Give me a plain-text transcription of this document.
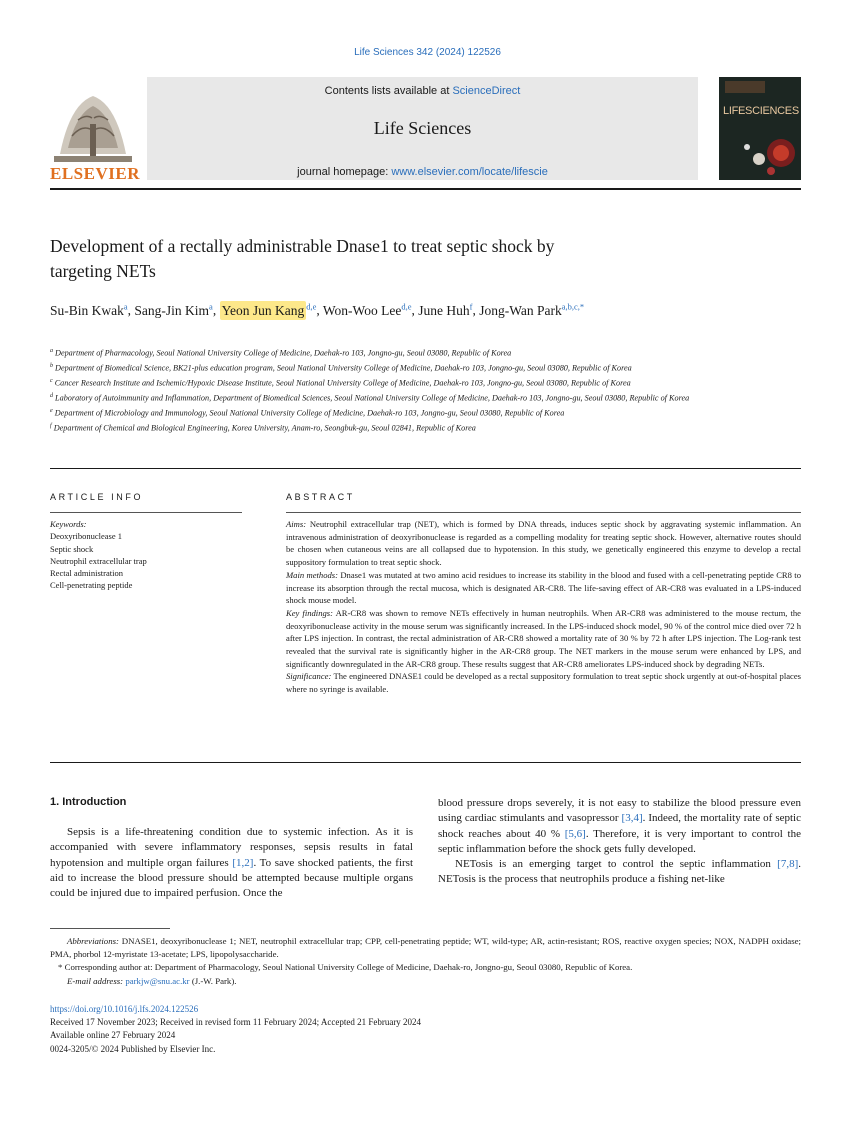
Life Sciences 342 (2024) 122526
ELSEVIER
Contents lists available at ScienceDirect
Life Sciences
journal homepage: www.elsevier.com/locate/lifescie
LIFESCIENCES
Development of a rectally administrable Dnase1 to treat septic shock by
targeting NETs
Su-Bin Kwak$^a$, Sang-Jin Kim$^a$, Yeon Jun Kang $^{d,e}$, Won-Woo Lee$^{d,e}$, June Huh$^f$, Jong-Wan Park$^{a,b,c,*}$
$^a$ Department of Pharmacology, Seoul National University College of Medicine, Daehak-ro 103, Jongno-gu, Seoul 03080, Republic of Korea
$^b$ Department of Biomedical Science, BK21-plus education program, Seoul National University College of Medicine, Daehak-ro 103, Jongno-gu, Seoul 03080, Republic of Korea
$^c$ Cancer Research Institute and Ischemic/Hypoxic Disease Institute, Seoul National University College of Medicine, Daehak-ro 103, Jongno-gu, Seoul 03080, Republic of Korea
$^d$ Laboratory of Autoimmunity and Inflammation, Department of Biomedical Sciences, Seoul National University College of Medicine, Daehak-ro 103, Jongno-gu, Seoul 03080, Republic of Korea
$^e$ Department of Microbiology and Immunology, Seoul National University College of Medicine, Daehak-ro 103, Jongno-gu, Seoul 03080, Republic of Korea
$^f$ Department of Chemical and Biological Engineering, Korea University, Anam-ro, Seongbuk-gu, Seoul 02841, Republic of Korea
ARTICLE INFO	ABSTRACT
Keywords:
Deoxyribonuclease 1
Septic shock
Neutrophil extracellular trap
Rectal administration
Cell-penetrating peptide

Aims: Neutrophil extracellular trap (NET), which is formed by DNA threads, induces septic shock by aggravating systemic inflammation. An intravenous administration of deoxyribonuclease is regarded as a compelling modality for treating septic shock. However, alternative routes should be chosen when cutaneous veins are all collapsed due to hypotension. In this study, we genetically engineered this enzyme to develop a rectal suppository formulation to treat septic shock.

Main methods: Dnase1 was mutated at two amino acid residues to increase its stability in the blood and fused with a cell-penetrating peptide CR8 to increase its absorption through the rectal mucosa, which is designated AR-CR8. The life-saving effect of AR-CR8 was evaluated in a LPS-induced shock mouse model.

Key findings: AR-CR8 was shown to remove NETs effectively in human neutrophils. When AR-CR8 was administered to the mouse rectum, the deoxyribonuclease activity in the mouse serum was significantly increased. In the LPS-induced shock model, 90 % of the control mice died over 72 h after LPS injection. In contrast, the rectal administration of AR-CR8 showed a mortality rate of 30 % by 72 h after LPS injection. The Log-rank test revealed that the survival rate is significantly higher in the AR-CR8 group. The NET markers in the mouse serum were enhanced by LPS, and significantly downregulated in the AR-CR8 group. These results suggest that AR-CR8 ameliorates LPS-induced shock by degrading NETs.

Significance: The engineered DNASE1 could be developed as a rectal suppository formulation to treat septic shock urgently at out-of-hospital places where no syringe is available.

1. Introduction

Sepsis is a life-threatening condition due to systemic infection. As it is accompanied with severe inflammatory responses, sepsis results in fatal hypotension and multiple organ failures [1,2]. To save shocked patients, the first aid to increase the blood pressure should be attempted because multiple organs could be injured due to impaired perfusion. Once the

blood pressure drops severely, it is not easy to stabilize the blood pressure even using cardiac stimulants and vasopressor [3,4]. Indeed, the mortality rate of septic shock reaches about 40 % [5,6]. Therefore, it is very important to control the septic inflammation before the shock gets fully developed.

NETosis is an emerging target to control the septic inflammation [7,8]. NETosis is the process that neutrophils produce a fishing net-like

Abbreviations: DNASE1, deoxyribonuclease 1; NET, neutrophil extracellular trap; CPP, cell-penetrating peptide; WT, wild-type; AR, actin-resistant; ROS, reactive oxygen species; NOX, NADPH oxidase; PMA, phorbol 12-myristate 13-acetate; LPS, lipopolysaccharide.

* Corresponding author at: Department of Pharmacology, Seoul National University College of Medicine, Daehak-ro, Jongno-gu, Seoul 03080, Republic of Korea.

E-mail address: parkjw@snu.ac.kr (J.-W. Park).

https://doi.org/10.1016/j.lfs.2024.122526
Received 17 November 2023; Received in revised form 11 February 2024; Accepted 21 February 2024
Available online 27 February 2024
0024-3205/© 2024 Published by Elsevier Inc.
